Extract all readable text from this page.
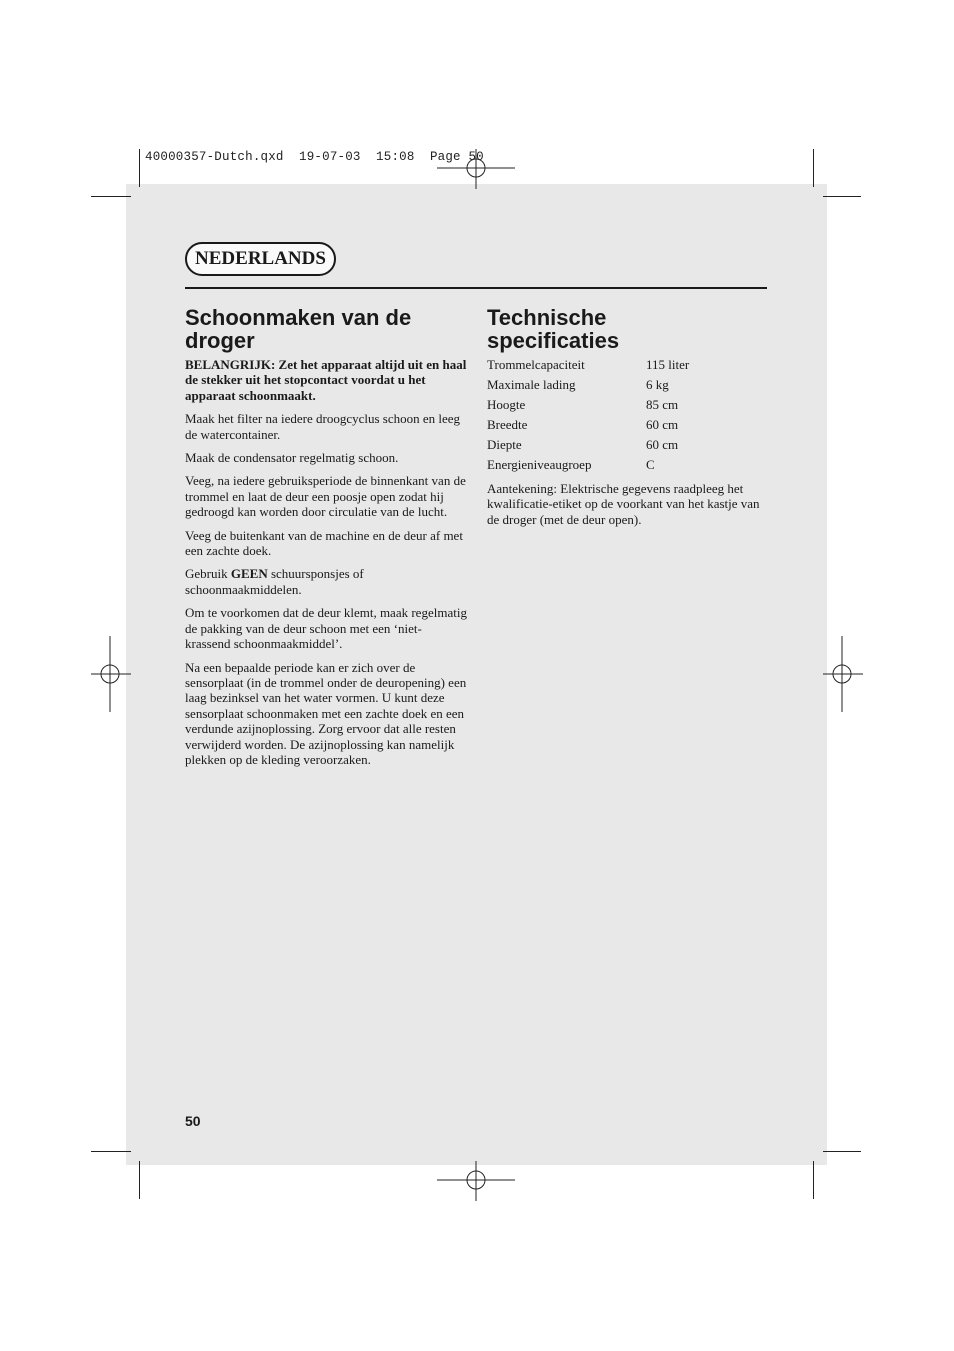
40000357-Dutch.qxd  19-07-03  15:08  Page 50
NEDERLANDS
Schoonmaken van de
droger

BELANGRIJK: Zet het apparaat altijd uit en haal de stekker uit het stopcontact voordat u het apparaat schoonmaakt.

Maak het filter na iedere droogcyclus schoon en leeg de watercontainer.

Maak de condensator regelmatig schoon.

Veeg, na iedere gebruiksperiode de binnenkant van de trommel en laat de deur een poosje open zodat hij gedroogd kan worden door circulatie van de lucht.

Veeg de buitenkant van de machine en de deur af met een zachte doek.

Gebruik GEEN schuursponsjes of schoonmaakmiddelen.

Om te voorkomen dat de deur klemt, maak regelmatig de pakking van de deur schoon met een ‘niet-krassend schoonmaakmiddel’.

Na een bepaalde periode kan er zich over de sensorplaat (in de trommel onder de deuropening) een laag bezinksel van het water vormen. U kunt deze sensorplaat schoonmaken met een zachte doek en een verdunde azijnoplossing. Zorg ervoor dat alle resten verwijderd worden. De azijnoplossing kan namelijk plekken op de kleding veroorzaken.

Technische
specificaties
Trommelcapaciteit	115 liter
Maximale lading	6 kg
Hoogte	85 cm
Breedte	60 cm
Diepte	60 cm
Energieniveaugroep	C

Aantekening: Elektrische gegevens raadpleeg het kwalificatie-etiket op de voorkant van het kastje van de droger (met de deur open).

50
